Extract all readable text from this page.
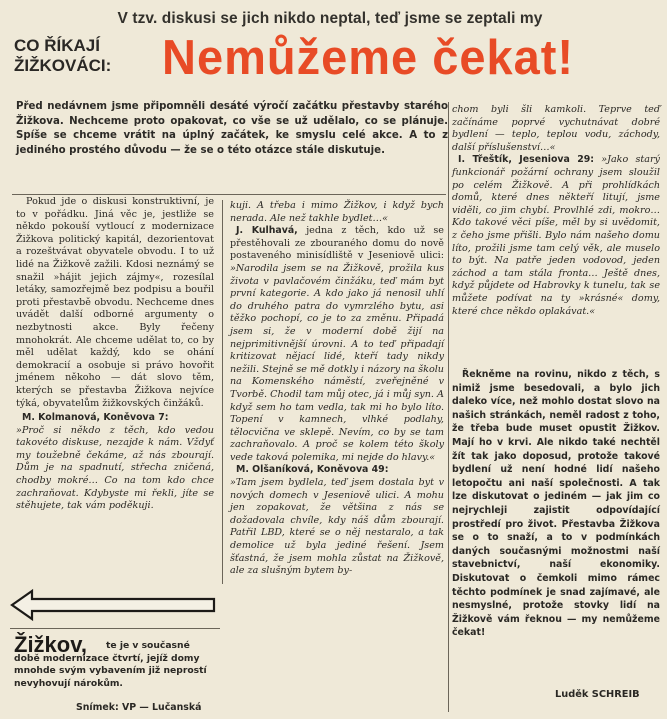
V tzv. diskusi se jich nikdo neptal, teď jsme se zeptali my
CO ŘÍKAJÍ
ŽIŽKOVÁCI:	Nemůžeme čekat!
Před nedávnem jsme připomněli desáté výročí začátku přestavby starého Žižkova. Nechceme proto opakovat, co vše se už udělalo, co se plánuje. Spíše se chceme vrátit na úplný začátek, ke smyslu celé akce. A to z jediného prostého důvodu — že se o této otázce stále diskutuje.

Pokud jde o diskusi konstruktivní, je to v pořádku. Jiná věc je, jestliže se někdo pokouší vytloucí z modernizace Žižkova politický kapitál, dezorientovat a rozeštvávat obyvatele obvodu. I to už lidé na Žižkově zažili. Kdosi neznámý se snažil »hájit jejich zájmy«, rozesílal letáky, samozřejmě bez podpisu a bouřil proti přestavbě obvodu. Nechceme dnes uvádět další odborné argumenty o nezbytnosti akce. Byly řečeny mnohokrát. Ale chceme udělat to, co by měl udělat každý, kdo se ohání demokracií a osobuje si právo hovořit jménem někoho — dát slovo těm, kterých se přestavba Žižkova nejvíce týká, obyvatelům žižkovských činžáků.

M. Kolmanová, Koněvova 7:

»Proč si někdo z těch, kdo vedou takovéto diskuse, nezajde k nám. Vždyť my toužebně čekáme, až nás zbourají. Dům je na spadnutí, střecha zničená, chodby mokré… Co na tom kdo chce zachraňovat. Kdybyste mi řekli, jíte se stěhujete, tak vám poděkuji.

kuji. A třeba i mimo Žižkov, i když bych nerada. Ale než takhle bydlet…«

J. Kulhavá, jedna z těch, kdo už se přestěhovali ze zbouraného domu do nově postaveného minisídliště v Jeseniově ulici: »Narodila jsem se na Žižkově, prožila kus života v pavlačovém činžáku, teď mám byt první kategorie. A kdo jako já nenosil uhlí do druhého patra do vymrzlého bytu, asi těžko pochopí, co je to za změnu. Připadá jsem si, že v moderní době žijí na nejprimitivnější úrovni. A to teď připadají kritizovat nějací lidé, kteří tady nikdy nežili. Stejně se mě dotkly i názory na školu na Komenského náměstí, zveřejněné v Tvorbě. Chodil tam můj otec, já i můj syn. A když sem ho tam vedla, tak mi ho bylo líto. Topení v kamnech, vlhké podlahy, tělocvična ve sklepě. Nevím, co by se tam zachraňovalo. A proč se kolem této školy vede taková polemika, mi nejde do hlavy.«

M. Olšaníková, Koněvova 49:

»Tam jsem bydlela, teď jsem dostala byt v nových domech v Jeseniově ulici. A mohu jen zopakovat, že většina z nás se dožadovala chvíle, kdy náš dům zbourají. Patřil LBD, které se o něj nestaralo, a tak demolice už byla jediné řešení. Jsem šťastná, že jsem mohla zůstat na Žižkově, ale za slušným bytem by-

chom byli šli kamkoli. Teprve teď začínáme poprvé vychutnávat dobré bydlení — teplo, teplou vodu, záchody, další příslušenství…«

I. Třeštík, Jeseniova 29: »Jako starý funkcionář požární ochrany jsem sloužil po celém Žižkově. A při prohlídkách domů, které dnes někteří litují, jsme viděli, co jim chybí. Provlhlé zdi, mokro… Kdo takové věci píše, měl by si uvědomit, z čeho jsme přišli. Bylo nám našeho domu líto, prožili jsme tam celý věk, ale muselo to být. Na patře jeden vodovod, jeden záchod a tam stála fronta… Ještě dnes, když půjdete od Habrovky k tunelu, tak se můžete podívat na ty »krásné« domy, které chce někdo oplakávat.«

Řekněme na rovinu, nikdo z těch, s nimiž jsme besedovali, a bylo jich daleko více, než mohlo dostat slovo na našich stránkách, neměl radost z toho, že třeba bude muset opustit Žižkov. Mají ho v krvi. Ale nikdo také nechtěl žít tak jako doposud, protože takové bydlení už není hodné lidí našeho letopočtu ani naší společnosti. A tak lze diskutovat o jediném — jak jim co nejrychleji zajistit odpovídající prostředí pro život. Přestavba Žižkova se o to snaží, a to v podmínkách daných současnými možnostmi naší stavebnictví, naší ekonomiky. Diskutovat o čemkoli mimo rámec těchto podmínek je snad zajímavé, ale nesmyslné, protože stovky lidí na Žižkově vám řeknou — my nemůžeme čekat!

Luděk SCHREIB
Žižkov,	te je v současné době modernizace čtvrtí, jejíž domy mnohde svým vybavením již neprostí nevyhovují nárokům.
Snímek: VP — Lučanská
